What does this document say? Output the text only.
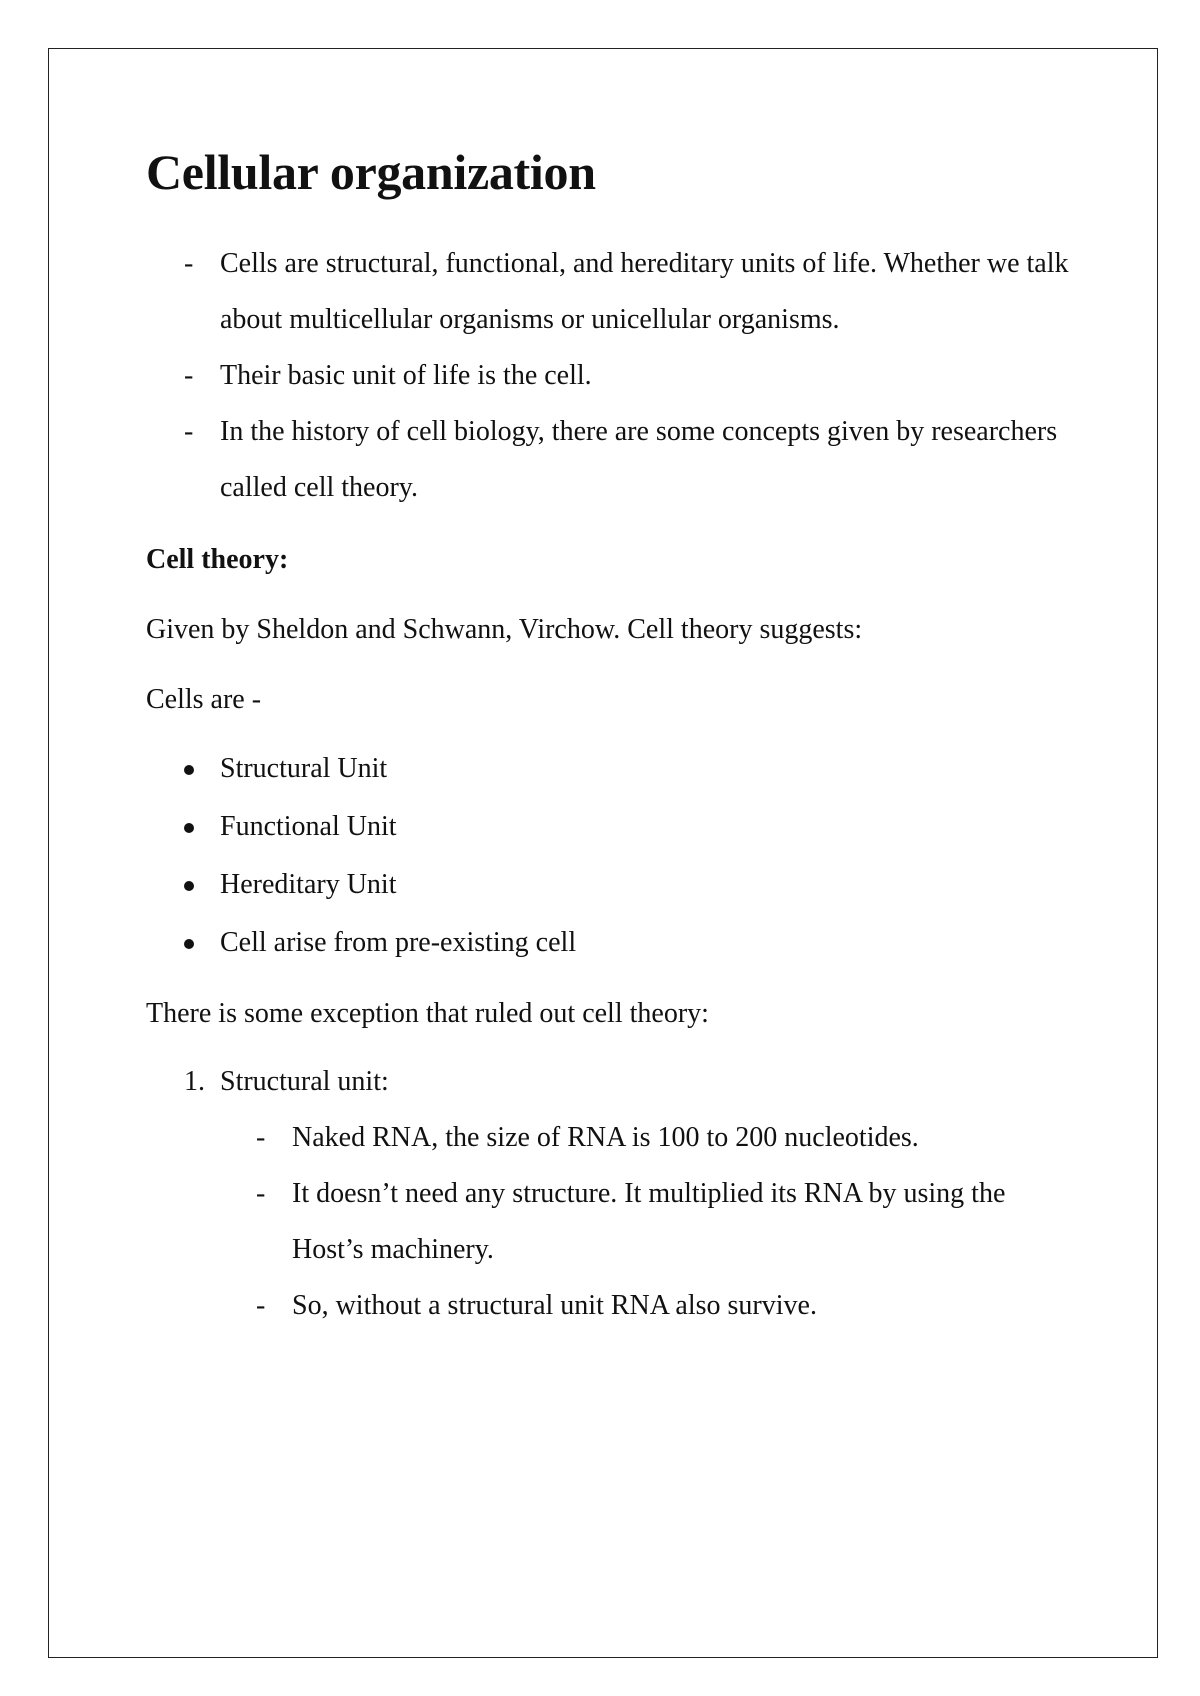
Cellular organization
- Cells are structural, functional, and hereditary units of life. Whether we talk about multicellular organisms or unicellular organisms.
- Their basic unit of life is the cell.
- In the history of cell biology, there are some concepts given by researchers called cell theory.
Cell theory:

Given by Sheldon and Schwann, Virchow. Cell theory suggests:

Cells are -

Structural Unit
Functional Unit
Hereditary Unit
Cell arise from pre-existing cell

There is some exception that ruled out cell theory:

1. Structural unit:
- Naked RNA, the size of RNA is 100 to 200 nucleotides.
- It doesn’t need any structure. It multiplied its RNA by using the Host’s machinery.
- So, without a structural unit RNA also survive.
